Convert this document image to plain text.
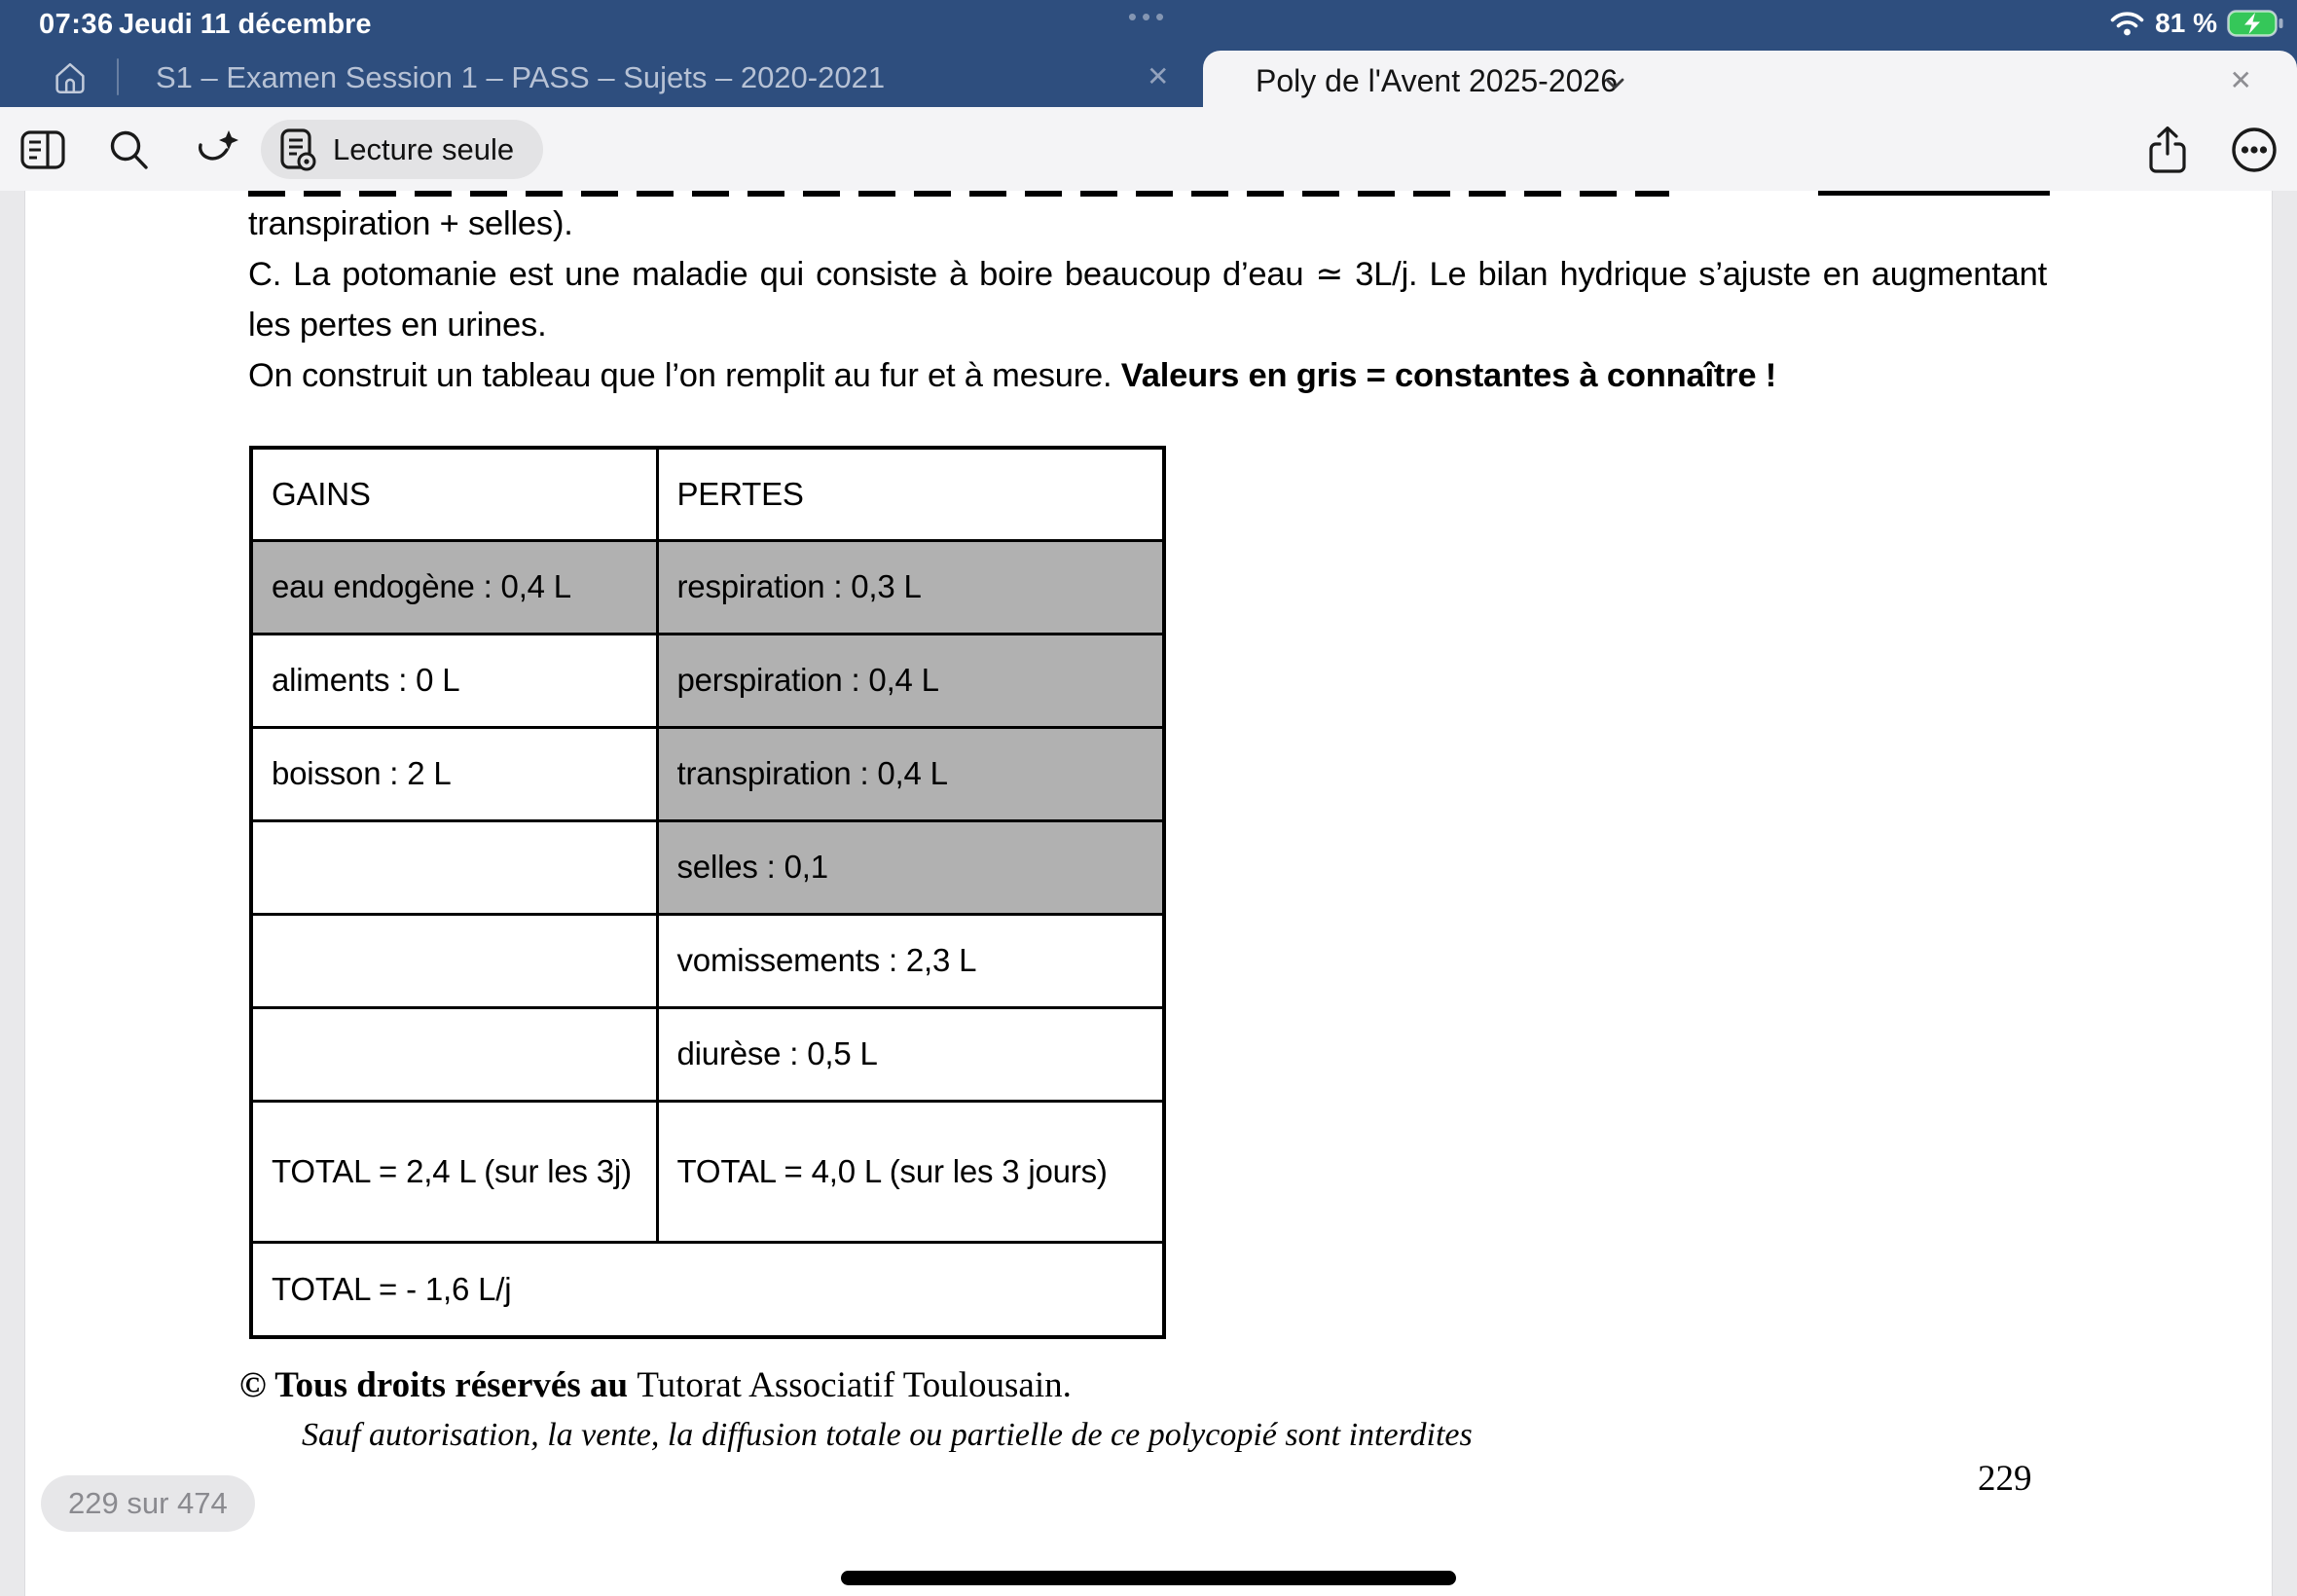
07:36 Jeudi 11 décembre	•••	81 %
S1 – Examen Session 1 – PASS – Sujets – 2020-2021	✕	Poly de l'Avent 2025-2026	✕
Lecture seule

transpiration + selles).

C. La potomanie est une maladie qui consiste à boire beaucoup d’eau ≃ 3L/j. Le bilan hydrique s’ajuste en augmentant les pertes en urines.

On construit un tableau que l’on remplit au fur et à mesure. Valeurs en gris = constantes à connaître !

GAINS	PERTES
eau endogène : 0,4 L	respiration : 0,3 L
aliments : 0 L	perspiration : 0,4 L
boisson : 2 L	transpiration : 0,4 L
	selles : 0,1
	vomissements : 2,3 L
	diurèse : 0,5 L
TOTAL = 2,4 L (sur les 3j)	TOTAL = 4,0 L (sur les 3 jours)
TOTAL = - 1,6 L/j	
© Tous droits réservés au Tutorat Associatif Toulousain.
Sauf autorisation, la vente, la diffusion totale ou partielle de ce polycopié sont interdites
229
229 sur 474
